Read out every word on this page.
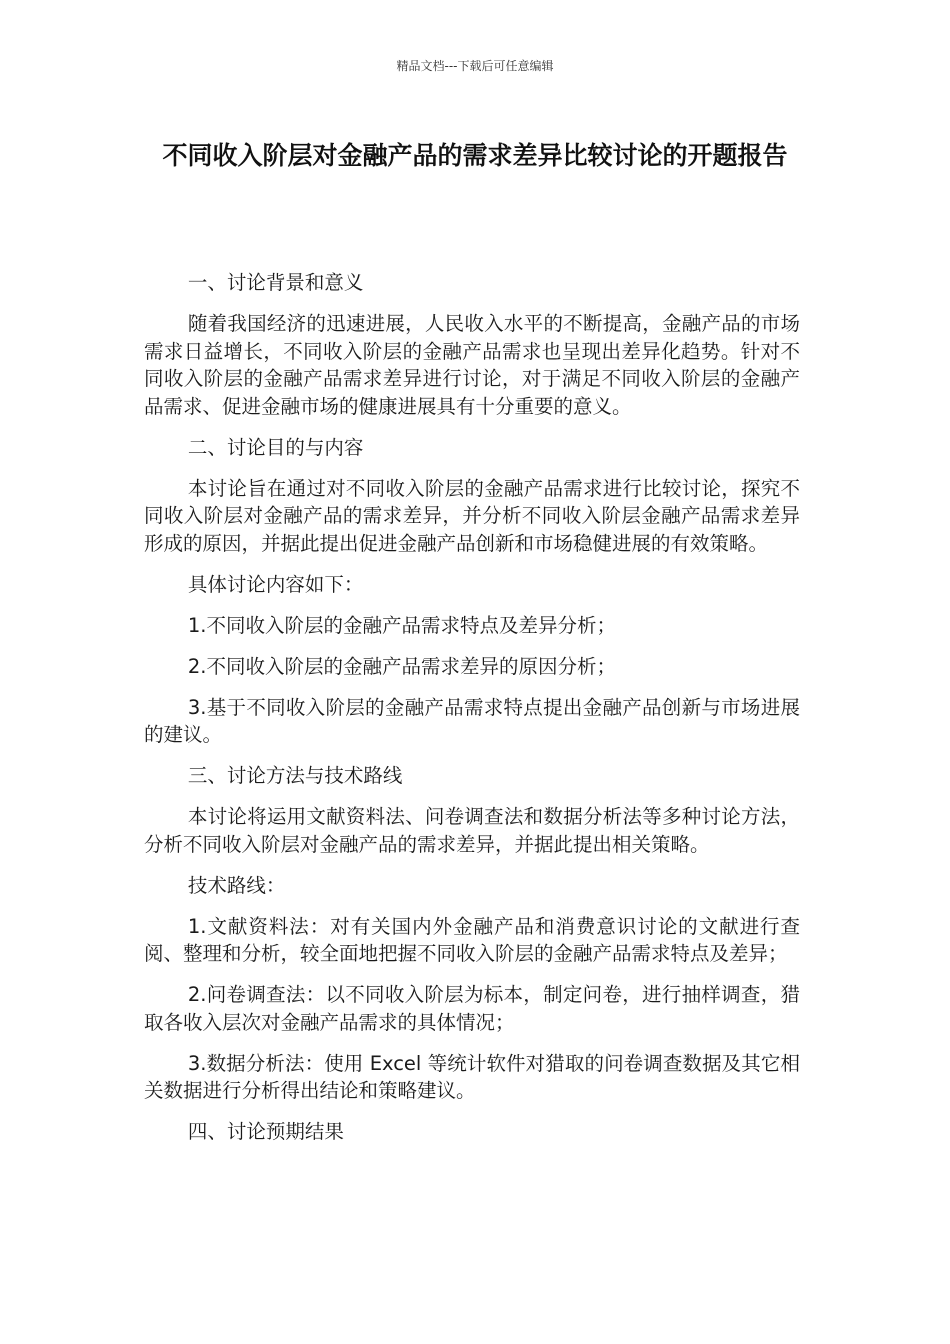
精品文档---下载后可任意编辑
不同收入阶层对金融产品的需求差异比较讨论的开题报告

一、讨论背景和意义

随着我国经济的迅速进展，人民收入水平的不断提高，金融产品的市场需求日益增长，不同收入阶层的金融产品需求也呈现出差异化趋势。针对不同收入阶层的金融产品需求差异进行讨论，对于满足不同收入阶层的金融产品需求、促进金融市场的健康进展具有十分重要的意义。

二、讨论目的与内容

本讨论旨在通过对不同收入阶层的金融产品需求进行比较讨论，探究不同收入阶层对金融产品的需求差异，并分析不同收入阶层金融产品需求差异形成的原因，并据此提出促进金融产品创新和市场稳健进展的有效策略。

具体讨论内容如下：

1.不同收入阶层的金融产品需求特点及差异分析；

2.不同收入阶层的金融产品需求差异的原因分析；

3.基于不同收入阶层的金融产品需求特点提出金融产品创新与市场进展的建议。

三、讨论方法与技术路线

本讨论将运用文献资料法、问卷调查法和数据分析法等多种讨论方法，分析不同收入阶层对金融产品的需求差异，并据此提出相关策略。

技术路线：

1.文献资料法：对有关国内外金融产品和消费意识讨论的文献进行查阅、整理和分析，较全面地把握不同收入阶层的金融产品需求特点及差异；

2.问卷调查法：以不同收入阶层为标本，制定问卷，进行抽样调查，猎取各收入层次对金融产品需求的具体情况；

3.数据分析法：使用 Excel 等统计软件对猎取的问卷调查数据及其它相关数据进行分析得出结论和策略建议。

四、讨论预期结果
